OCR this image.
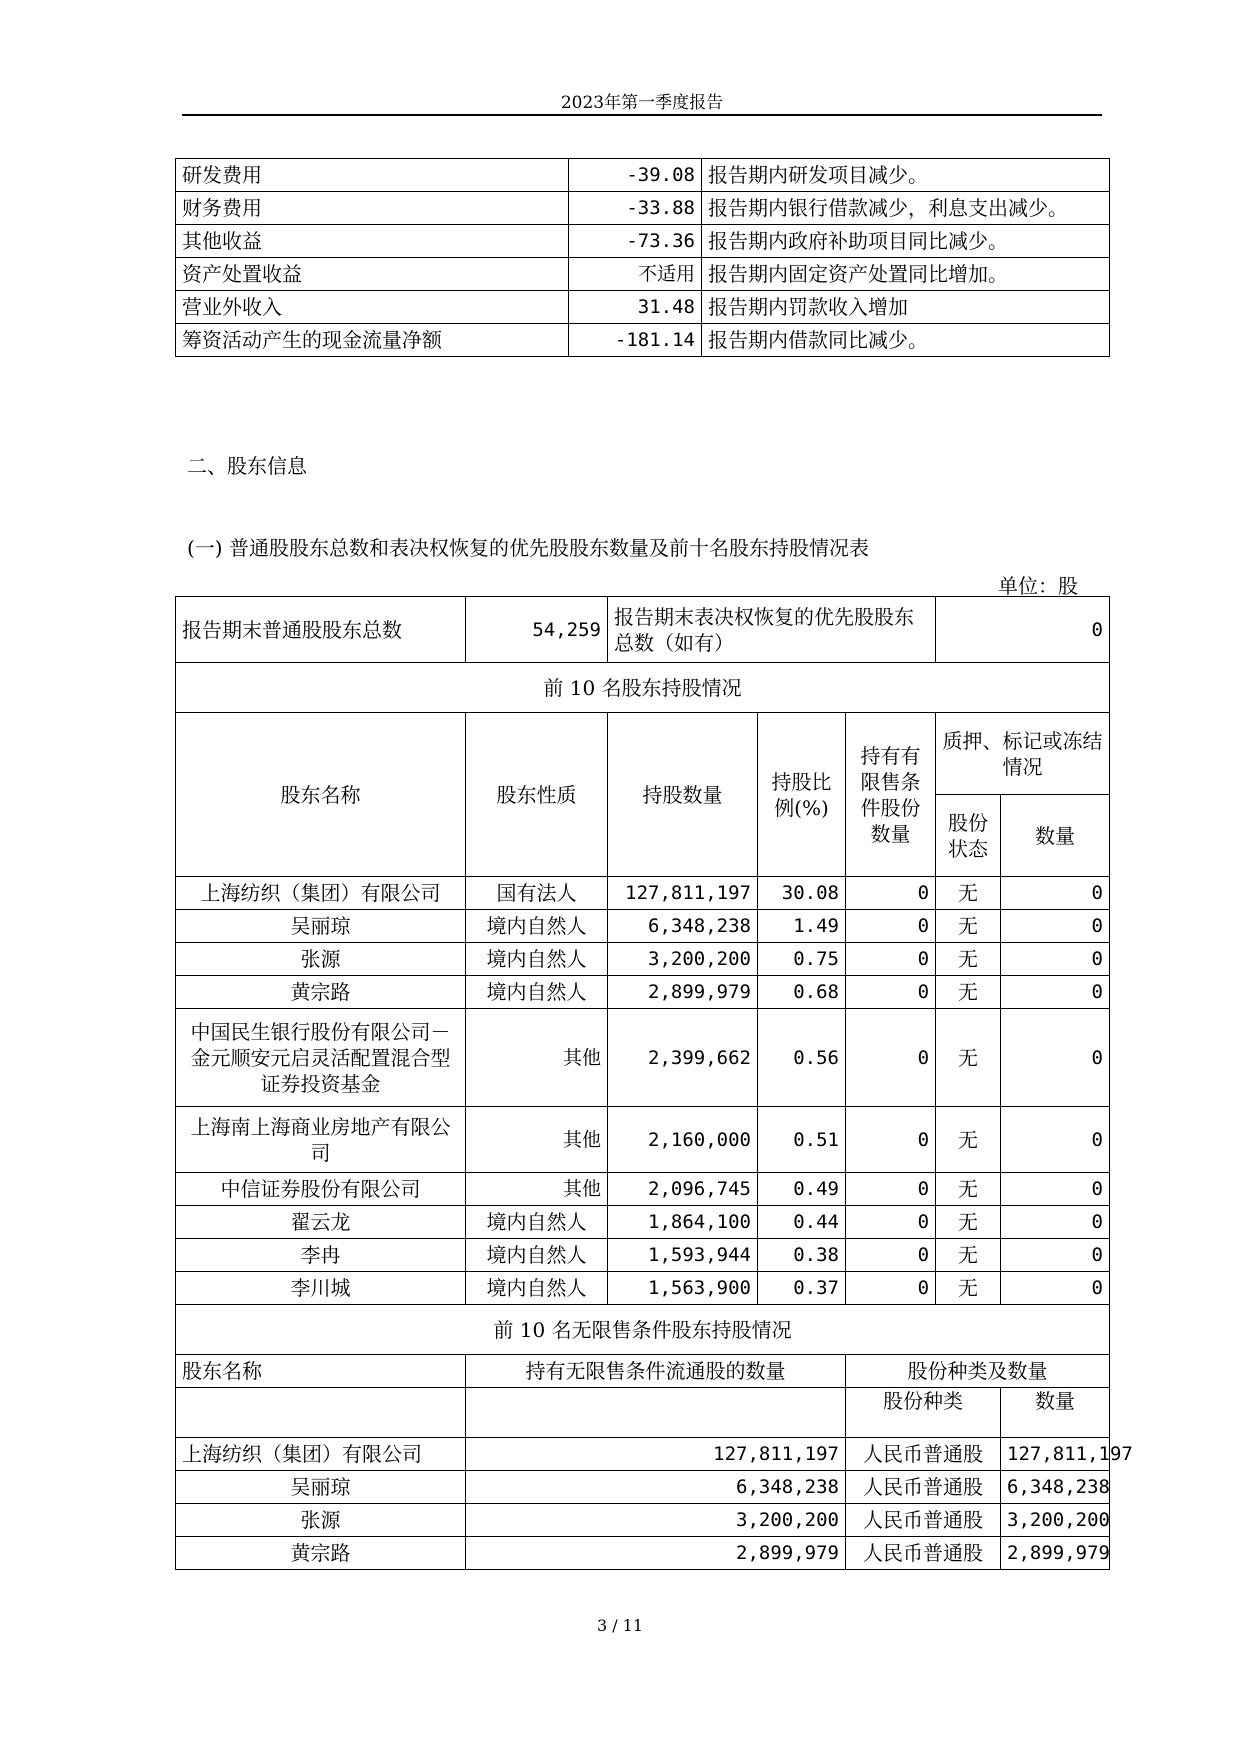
2023年第一季度报告
研发费用	-39.08	报告期内研发项目减少。
财务费用	-33.88	报告期内银行借款减少，利息支出减少。
其他收益	-73.36	报告期内政府补助项目同比减少。
资产处置收益	不适用	报告期内固定资产处置同比增加。
营业外收入	31.48	报告期内罚款收入增加
筹资活动产生的现金流量净额	-181.14	报告期内借款同比减少。
二、股东信息
(一) 普通股股东总数和表决权恢复的优先股股东数量及前十名股东持股情况表
单位：股
报告期末普通股股东总数	54,259	报告期末表决权恢复的优先股股东总数（如有）			0	
前 10 名股东持股情况						
股东名称	股东性质	持股数量	持股比例(%)	持有有限售条件股份数量	质押、标记或冻结情况	
					股份状态	数量
上海纺织（集团）有限公司	国有法人	127,811,197	30.08	0	无	0
吴丽琼	境内自然人	6,348,238	1.49	0	无	0
张源	境内自然人	3,200,200	0.75	0	无	0
黄宗路	境内自然人	2,899,979	0.68	0	无	0
中国民生银行股份有限公司－金元顺安元启灵活配置混合型证券投资基金	其他	2,399,662	0.56	0	无	0
上海南上海商业房地产有限公司	其他	2,160,000	0.51	0	无	0
中信证券股份有限公司	其他	2,096,745	0.49	0	无	0
翟云龙	境内自然人	1,864,100	0.44	0	无	0
李冉	境内自然人	1,593,944	0.38	0	无	0
李川城	境内自然人	1,563,900	0.37	0	无	0
前 10 名无限售条件股东持股情况						
股东名称	持有无限售条件流通股的数量			股份种类及数量		
				股份种类		数量
上海纺织（集团）有限公司	127,811,197			人民币普通股		127,811,197
吴丽琼	6,348,238			人民币普通股		6,348,238
张源	3,200,200			人民币普通股		3,200,200
黄宗路	2,899,979			人民币普通股		2,899,979
3 / 11
